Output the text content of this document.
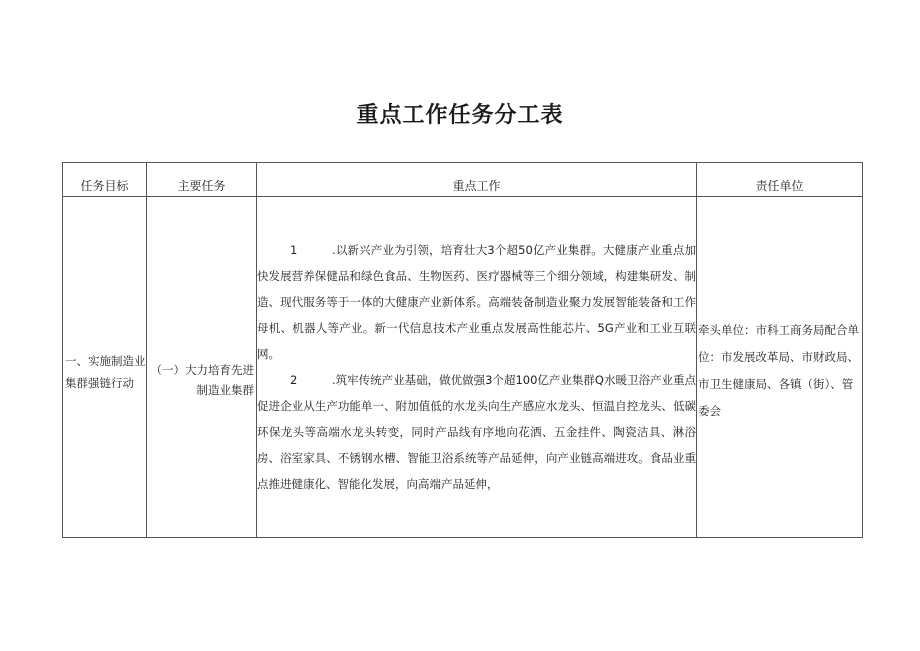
重点工作任务分工表
任务目标	主要任务	重点工作	责任单位

一、实施制造业集群强链行动	（一）大力培育先进制造业集群	1 .以新兴产业为引领，培育壮大3个超50亿产业集群。大健康产业重点加快发展营养保健品和绿色食品、生物医药、医疗器械等三个细分领域，构建集研发、制造、现代服务等于一体的大健康产业新体系。高端装备制造业聚力发展智能装备和工作母机、机器人等产业。新一代信息技术产业重点发展高性能芯片、5G产业和工业互联网。
2 .筑牢传统产业基础，做优做强3个超100亿产业集群Q水暖卫浴产业重点促进企业从生产功能单一、附加值低的水龙头向生产感应水龙头、恒温自控龙头、低碳环保龙头等高端水龙头转变，同时产品线有序地向花洒、五金挂件、陶瓷洁具、淋浴房、浴室家具、不锈钢水槽、智能卫浴系统等产品延伸，向产业链高端进攻。食品业重点推进健康化、智能化发展，向高端产品延伸，	牵头单位：市科工商务局配合单位：市发展改革局、市财政局、市卫生健康局、各镇（街）、管委会
